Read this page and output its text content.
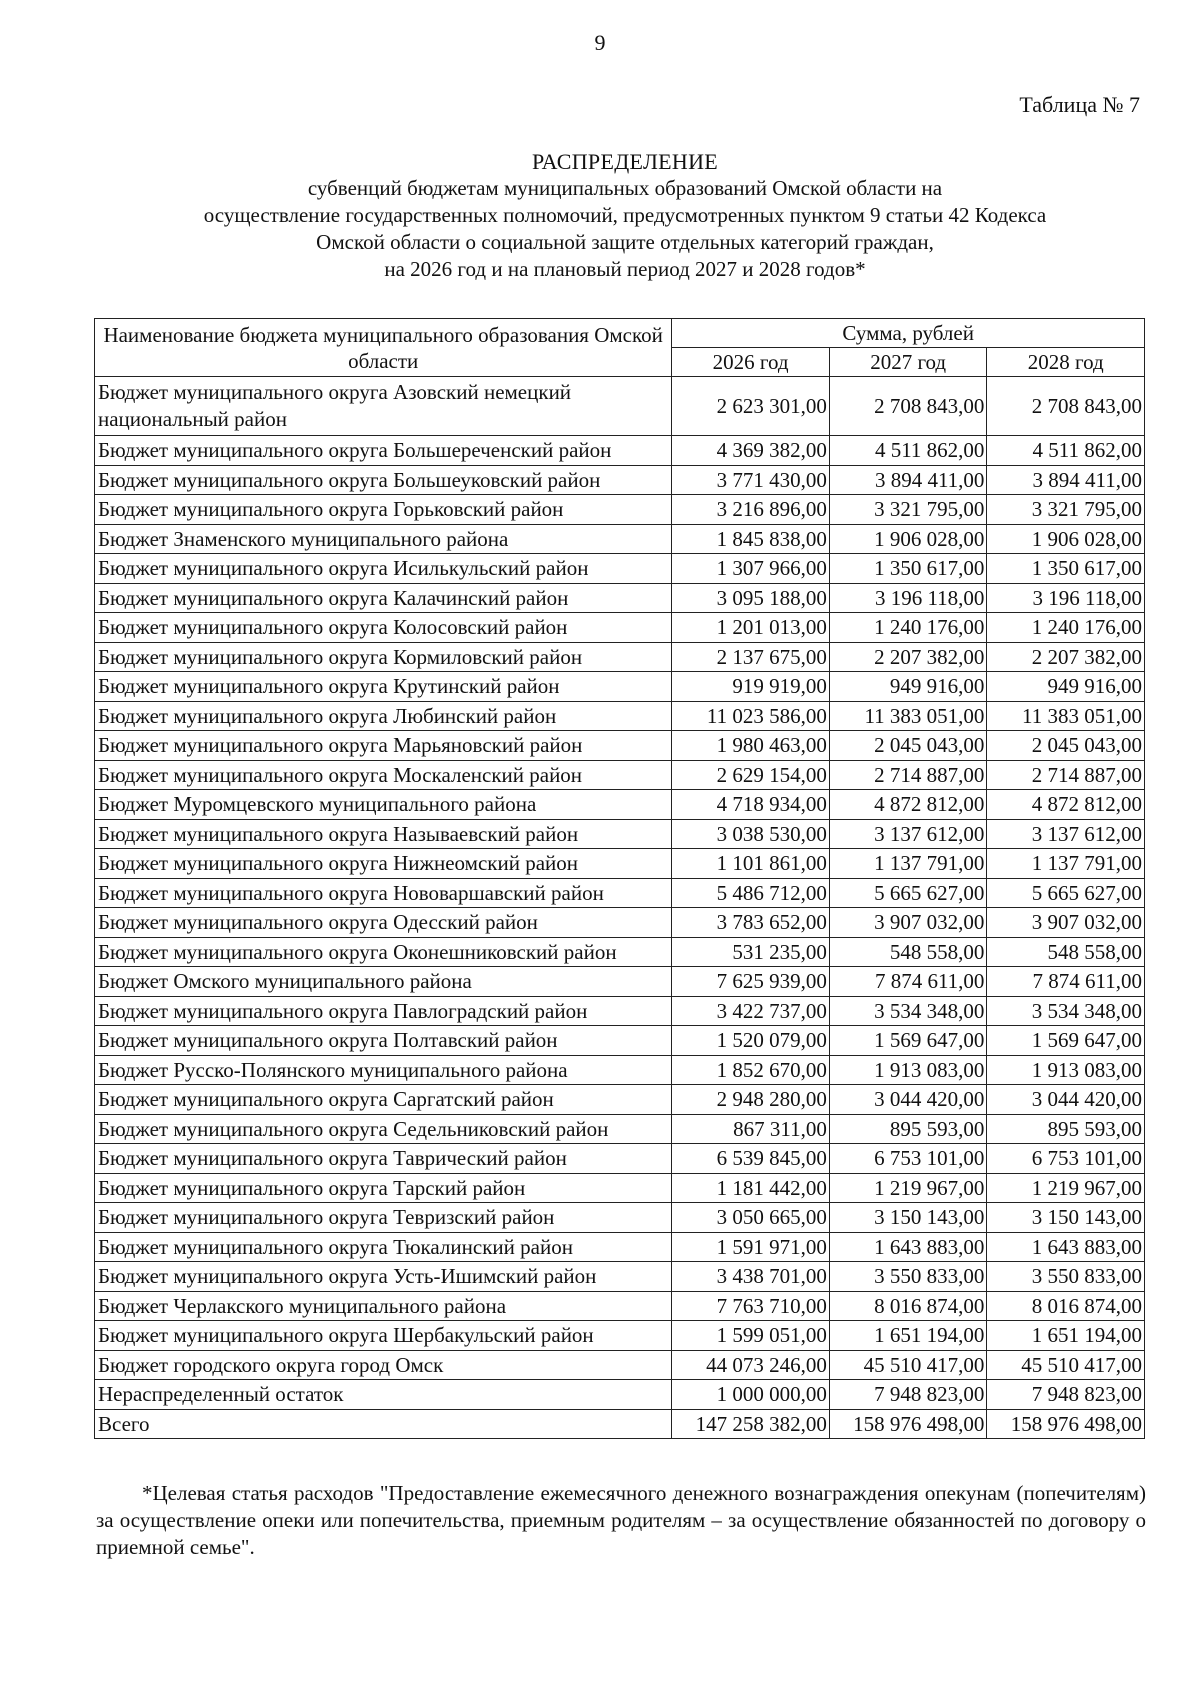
9
Таблица № 7
РАСПРЕДЕЛЕНИЕ
субвенций бюджетам муниципальных образований Омской области на
осуществление государственных полномочий, предусмотренных пунктом 9 статьи 42 Кодекса
Омской области о социальной защите отдельных категорий граждан,
на 2026 год и на плановый период 2027 и 2028 годов*
Наименование бюджета муниципального образования Омской области	Сумма, рублей		
	2026 год	2027 год	2028 год
Бюджет муниципального округа Азовский немецкий национальный район	2 623 301,00	2 708 843,00	2 708 843,00
Бюджет муниципального округа Большереченский район	4 369 382,00	4 511 862,00	4 511 862,00
Бюджет муниципального округа Большеуковский район	3 771 430,00	3 894 411,00	3 894 411,00
Бюджет муниципального округа Горьковский район	3 216 896,00	3 321 795,00	3 321 795,00
Бюджет Знаменского муниципального района	1 845 838,00	1 906 028,00	1 906 028,00
Бюджет муниципального округа Исилькульский район	1 307 966,00	1 350 617,00	1 350 617,00
Бюджет муниципального округа Калачинский район	3 095 188,00	3 196 118,00	3 196 118,00
Бюджет муниципального округа Колосовский район	1 201 013,00	1 240 176,00	1 240 176,00
Бюджет муниципального округа Кормиловский район	2 137 675,00	2 207 382,00	2 207 382,00
Бюджет муниципального округа Крутинский район	919 919,00	949 916,00	949 916,00
Бюджет муниципального округа Любинский район	11 023 586,00	11 383 051,00	11 383 051,00
Бюджет муниципального округа Марьяновский район	1 980 463,00	2 045 043,00	2 045 043,00
Бюджет муниципального округа Москаленский район	2 629 154,00	2 714 887,00	2 714 887,00
Бюджет Муромцевского муниципального района	4 718 934,00	4 872 812,00	4 872 812,00
Бюджет муниципального округа Называевский район	3 038 530,00	3 137 612,00	3 137 612,00
Бюджет муниципального округа Нижнеомский район	1 101 861,00	1 137 791,00	1 137 791,00
Бюджет муниципального округа Нововаршавский район	5 486 712,00	5 665 627,00	5 665 627,00
Бюджет муниципального округа Одесский район	3 783 652,00	3 907 032,00	3 907 032,00
Бюджет муниципального округа Оконешниковский район	531 235,00	548 558,00	548 558,00
Бюджет Омского муниципального района	7 625 939,00	7 874 611,00	7 874 611,00
Бюджет муниципального округа Павлоградский район	3 422 737,00	3 534 348,00	3 534 348,00
Бюджет муниципального округа Полтавский район	1 520 079,00	1 569 647,00	1 569 647,00
Бюджет Русско-Полянского муниципального района	1 852 670,00	1 913 083,00	1 913 083,00
Бюджет муниципального округа Саргатский район	2 948 280,00	3 044 420,00	3 044 420,00
Бюджет муниципального округа Седельниковский район	867 311,00	895 593,00	895 593,00
Бюджет муниципального округа Таврический район	6 539 845,00	6 753 101,00	6 753 101,00
Бюджет муниципального округа Тарский район	1 181 442,00	1 219 967,00	1 219 967,00
Бюджет муниципального округа Тевризский район	3 050 665,00	3 150 143,00	3 150 143,00
Бюджет муниципального округа Тюкалинский район	1 591 971,00	1 643 883,00	1 643 883,00
Бюджет муниципального округа Усть-Ишимский район	3 438 701,00	3 550 833,00	3 550 833,00
Бюджет Черлакского муниципального района	7 763 710,00	8 016 874,00	8 016 874,00
Бюджет муниципального округа Шербакульский район	1 599 051,00	1 651 194,00	1 651 194,00
Бюджет городского округа город Омск	44 073 246,00	45 510 417,00	45 510 417,00
Нераспределенный остаток	1 000 000,00	7 948 823,00	7 948 823,00
Всего	147 258 382,00	158 976 498,00	158 976 498,00
*Целевая статья расходов "Предоставление ежемесячного денежного вознаграждения опекунам (попечителям) за осуществление опеки или попечительства, приемным родителям – за осуществление обязанностей по договору о приемной семье".
